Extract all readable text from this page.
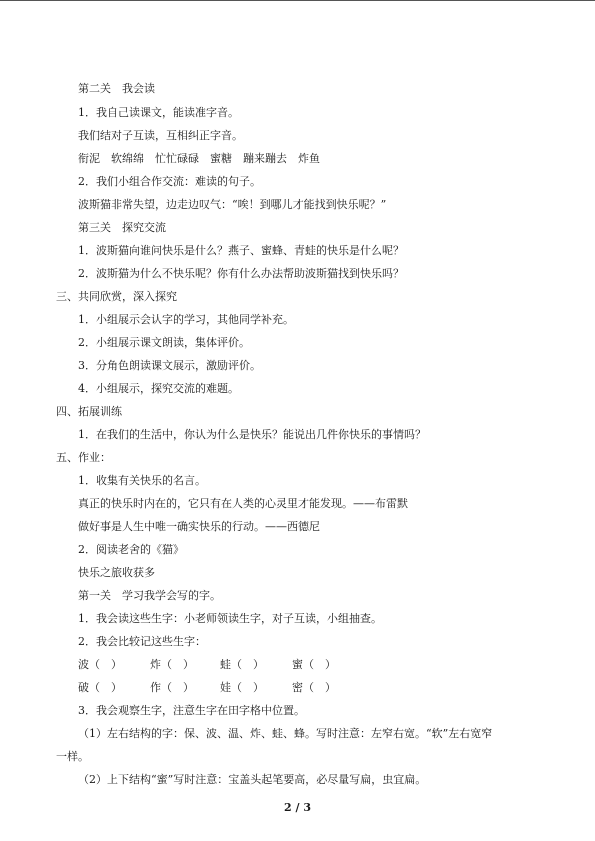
第二关　我会读
1．我自己读课文，能读准字音。
我们结对子互读，互相纠正字音。
衔泥　软绵绵　忙忙碌碌　蜜糖　蹦来蹦去　炸鱼
2．我们小组合作交流：难读的句子。
波斯猫非常失望，边走边叹气：“唉！到哪儿才能找到快乐呢？”
第三关　探究交流
1．波斯猫向谁问快乐是什么？燕子、蜜蜂、青蛙的快乐是什么呢？
2．波斯猫为什么不快乐呢？你有什么办法帮助波斯猫找到快乐吗？
三、共同欣赏，深入探究
1．小组展示会认字的学习，其他同学补充。
2．小组展示课文朗读，集体评价。
3．分角色朗读课文展示，激励评价。
4．小组展示，探究交流的难题。
四、拓展训练
1．在我们的生活中，你认为什么是快乐？能说出几件你快乐的事情吗？
五、作业：
1．收集有关快乐的名言。
真正的快乐时内在的，它只有在人类的心灵里才能发现。——布雷默
做好事是人生中唯一确实快乐的行动。——西德尼
2．阅读老舍的《猫》
快乐之旅收获多
第一关　学习我学会写的字。
1．我会读这些生字：小老师领读生字，对子互读，小组抽查。
2．我会比较记这些生字：
波（　）	炸（　） 蛙（　）	蜜（　）
破（　）	作（　） 娃（　）	密（　）
3．我会观察生字，注意生字在田字格中位置。
（1）左右结构的字：保、波、温、炸、蛙、蜂。写时注意：左窄右宽。“软”左右宽窄
一样。
（2）上下结构“蜜”写时注意：宝盖头起笔要高，必尽量写扁，虫宜扁。
2 / 3
